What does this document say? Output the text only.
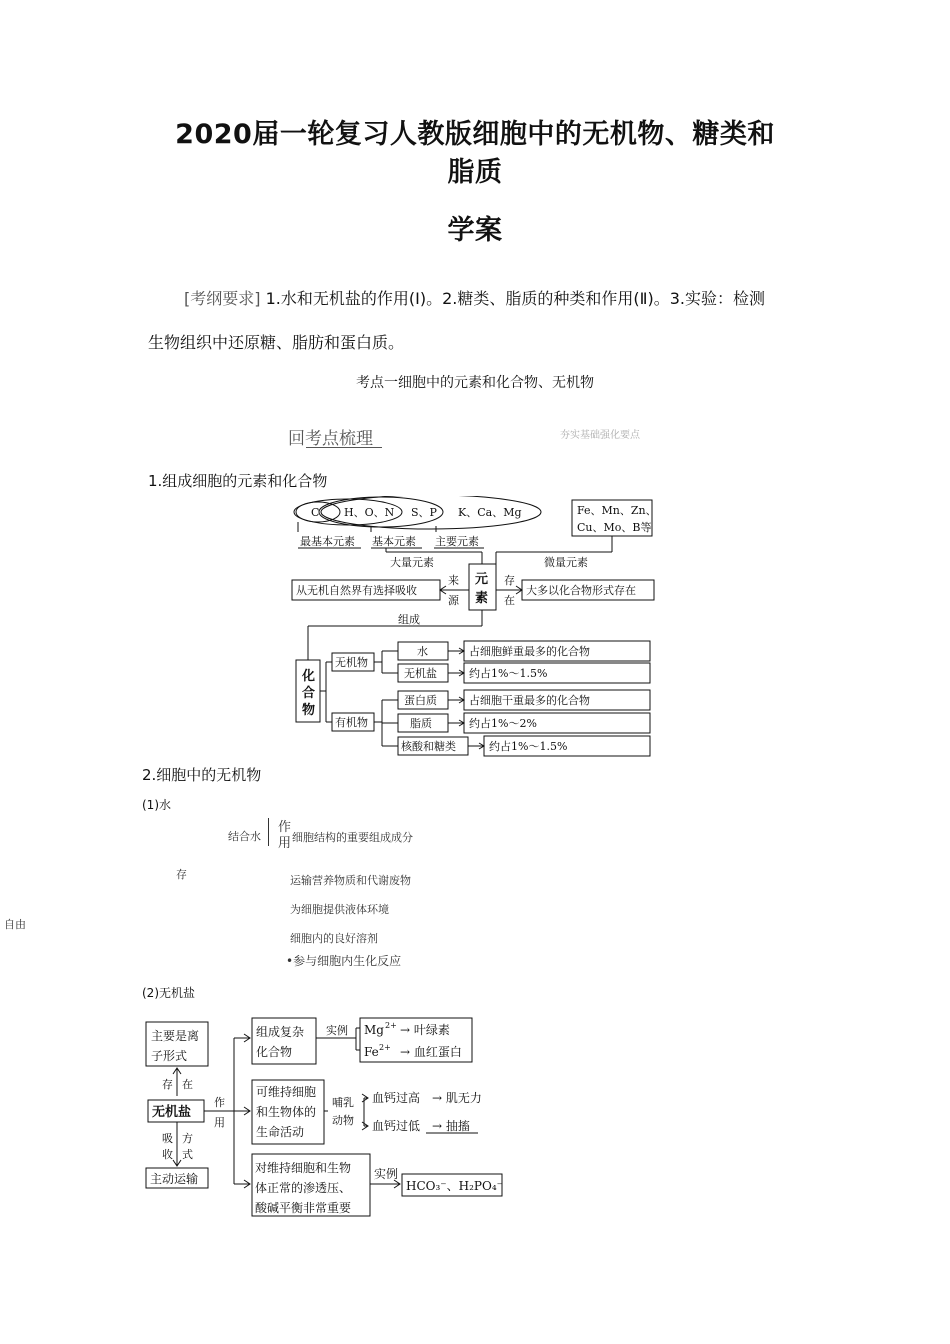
2020届一轮复习人教版细胞中的无机物、糖类和
脂质
学案
[考纲要求] 1.水和无机盐的作用(Ⅰ)。2.糖类、脂质的种类和作用(Ⅱ)。3.实验：检测
生物组织中还原糖、脂肪和蛋白质。
考点一细胞中的元素和化合物、无机物
回考点梳理	夯实基础强化要点
1.组成细胞的元素和化合物
C H、O、N S、P K、Ca、Mg	Fe、Mn、Zn、
Cu、Mo、B等
最基本元素 基本元素 主要元素
大量元素	微量元素
元
素
来
源
存
在
从无机自然界有选择吸收	大多以化合物形式存在
组成
化
合
物
无机物
有机物
水
无机盐
占细胞鲜重最多的化合物
约占1%～1.5%
蛋白质
脂质
核酸和糖类
占细胞干重最多的化合物
约占1%～2%
约占1%～1.5%
2.细胞中的无机物
(1)水
结合水
作
用 细胞结构的重要组成成分
存	运输营养物质和代谢废物
为细胞提供液体环境
自由
细胞内的良好溶剂
•参与细胞内生化反应
(2)无机盐
主要是离
子形式
存 在
无机盐
吸
收
方
式
主动运输
作
用
组成复杂
化合物
实例 Mg 2+ → 叶绿素
Fe 2+ → 血红蛋白
可维持细胞
和生物体的
生命活动
哺乳
动物
血钙过高 → 肌无力
血钙过低 → 抽搐
对维持细胞和生物
体正常的渗透压、
酸碱平衡非常重要
实例
HCO₃⁻、H₂PO₄⁻
